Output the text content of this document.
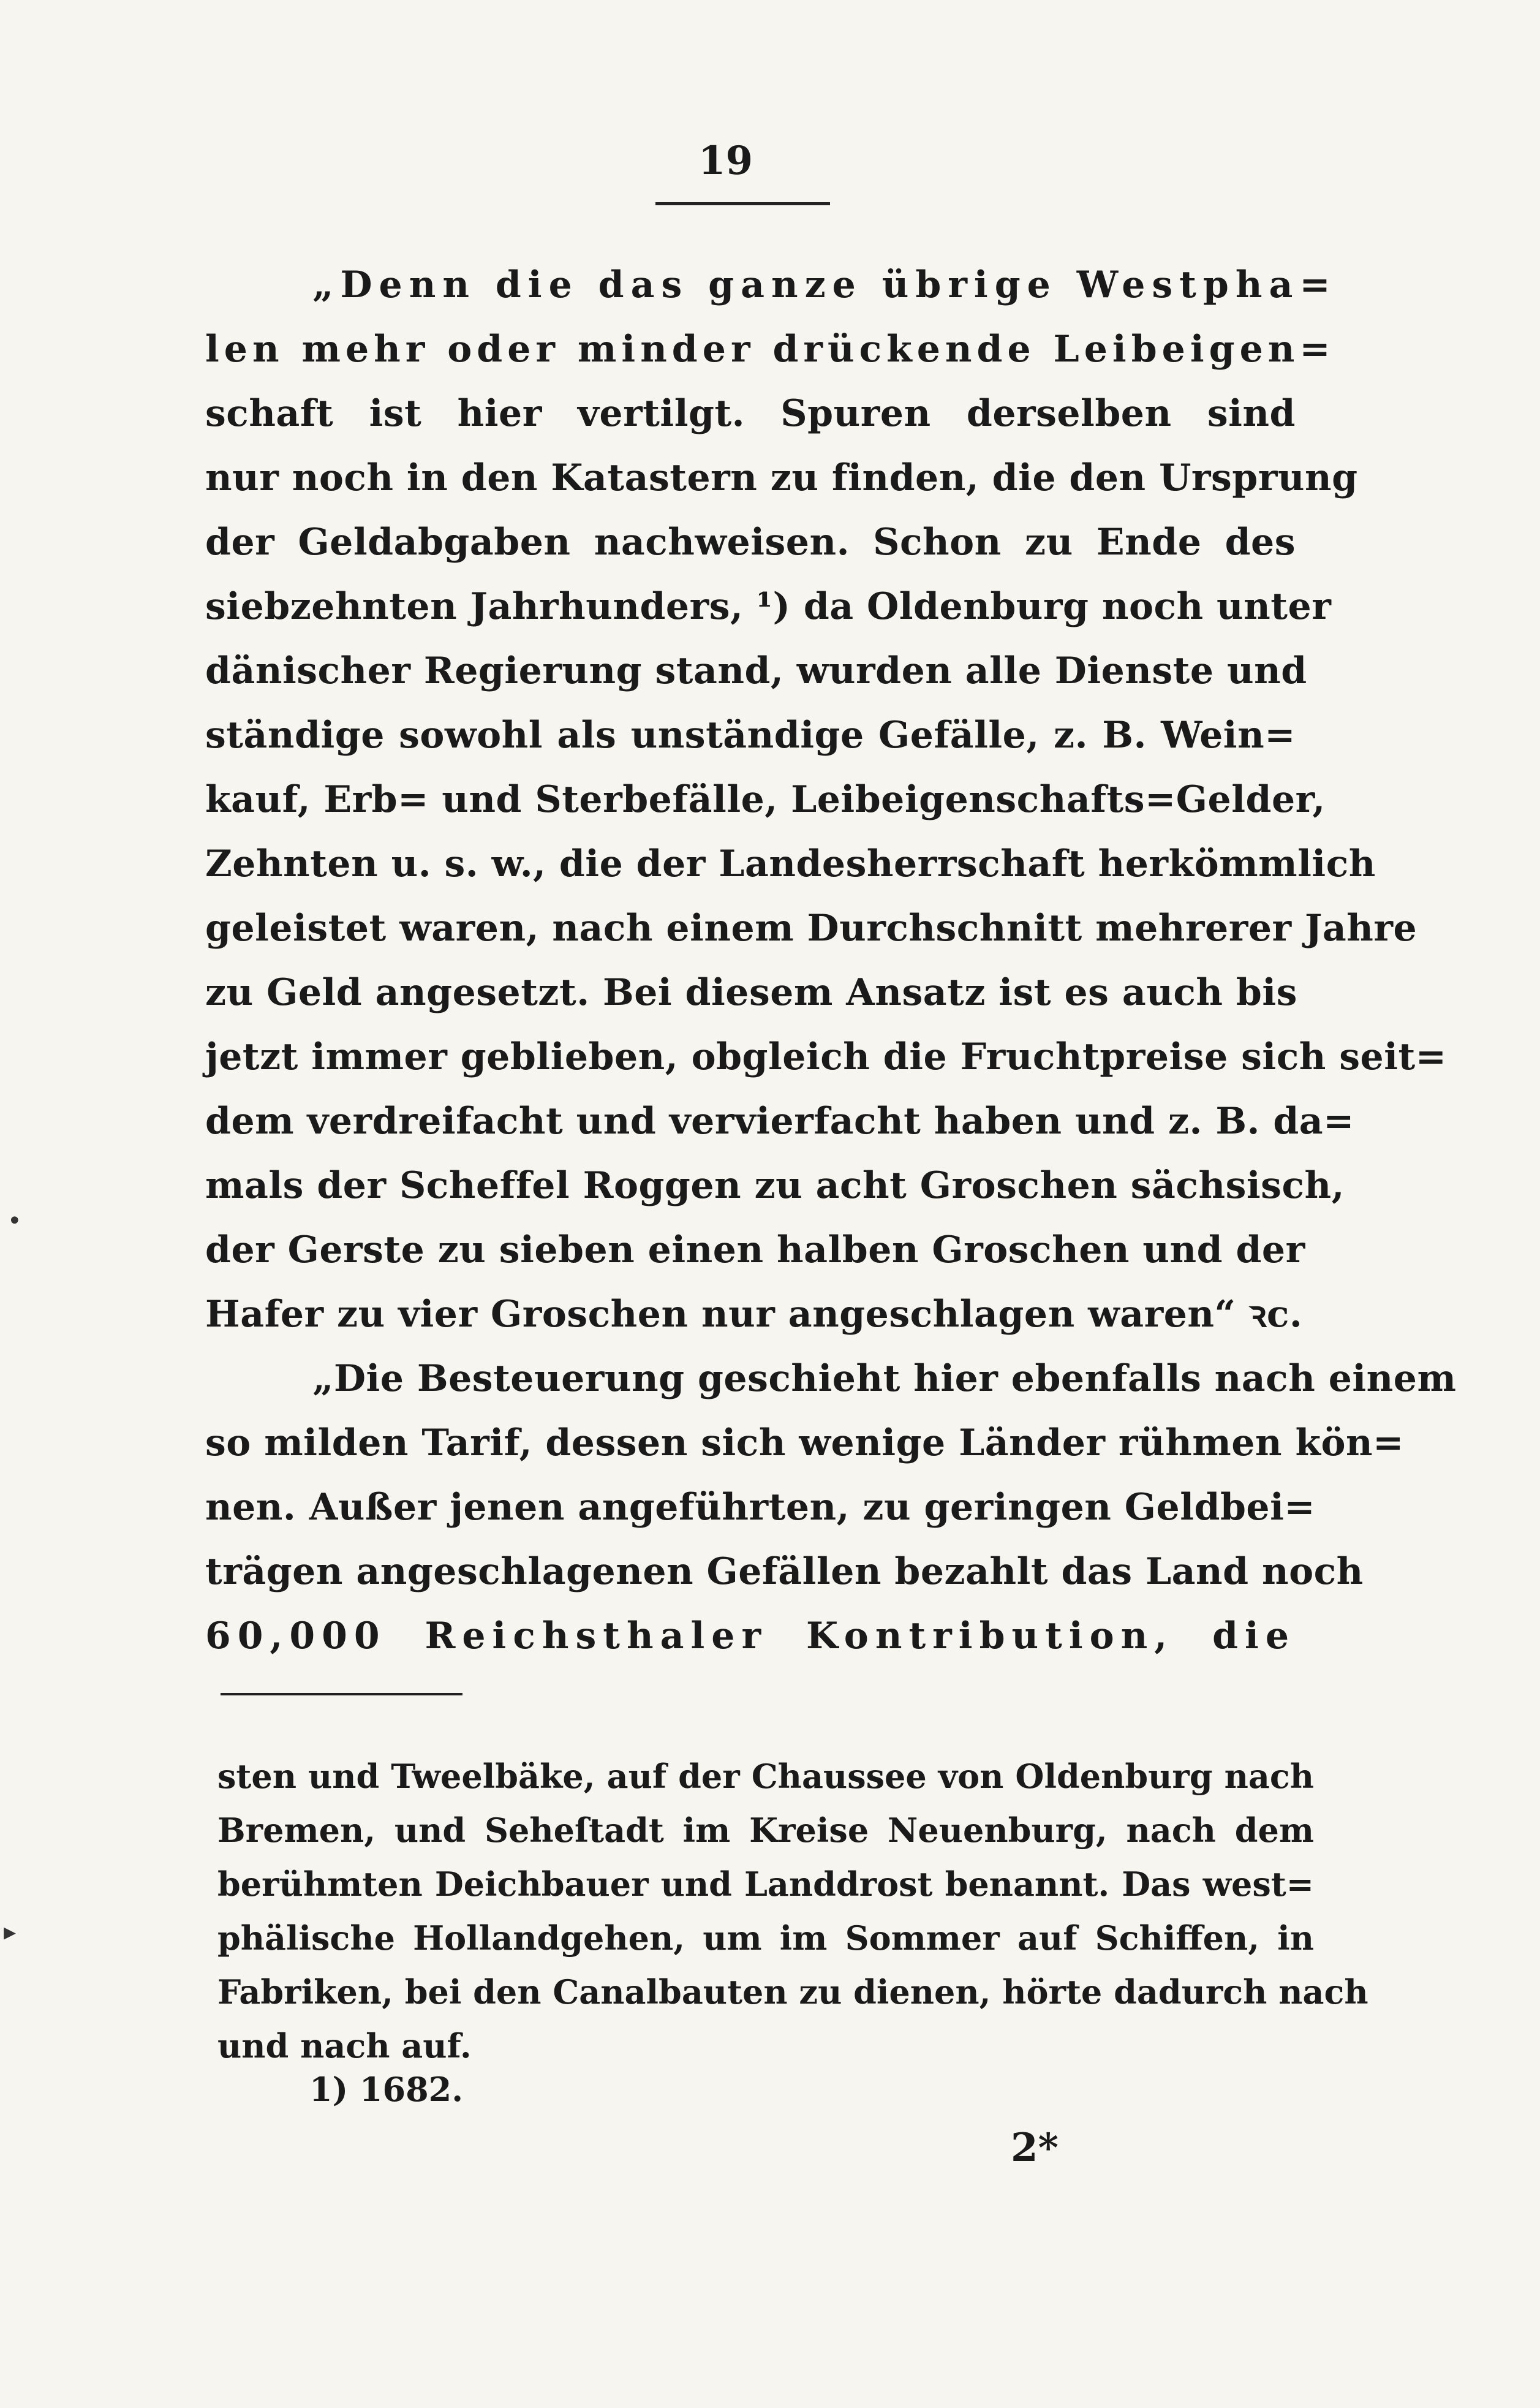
19
„Denn die das ganze übrige Westpha=
len mehr oder minder drückende Leibeigen=
schaft ist hier vertilgt. Spuren derselben sind
nur noch in den Katastern zu finden, die den Ursprung
der Geldabgaben nachweisen. Schon zu Ende des
siebzehnten Jahrhunders, ¹) da Oldenburg noch unter
dänischer Regierung stand, wurden alle Dienste und
ständige sowohl als unständige Gefälle, z. B. Wein=
kauf, Erb= und Sterbefälle, Leibeigenschafts=Gelder,
Zehnten u. s. w., die der Landesherrschaft herkömmlich
geleistet waren, nach einem Durchschnitt mehrerer Jahre
zu Geld angesetzt. Bei diesem Ansatz ist es auch bis
jetzt immer geblieben, obgleich die Fruchtpreise sich seit=
dem verdreifacht und vervierfacht haben und z. B. da=
mals der Scheffel Roggen zu acht Groschen sächsisch,
der Gerste zu sieben einen halben Groschen und der
Hafer zu vier Groschen nur angeschlagen waren“ ꝛc.
„Die Besteuerung geschieht hier ebenfalls nach einem
so milden Tarif, dessen sich wenige Länder rühmen kön=
nen. Außer jenen angeführten, zu geringen Geldbei=
trägen angeschlagenen Gefällen bezahlt das Land noch
60,000 Reichsthaler Kontribution, die
sten und Tweelbäke, auf der Chaussee von Oldenburg nach
Bremen, und Seheſtadt im Kreise Neuenburg, nach dem
berühmten Deichbauer und Landdrost benannt. Das west=
phälische Hollandgehen, um im Sommer auf Schiffen, in
Fabriken, bei den Canalbauten zu dienen, hörte dadurch nach
und nach auf.
1) 1682.
2*
•
▸
